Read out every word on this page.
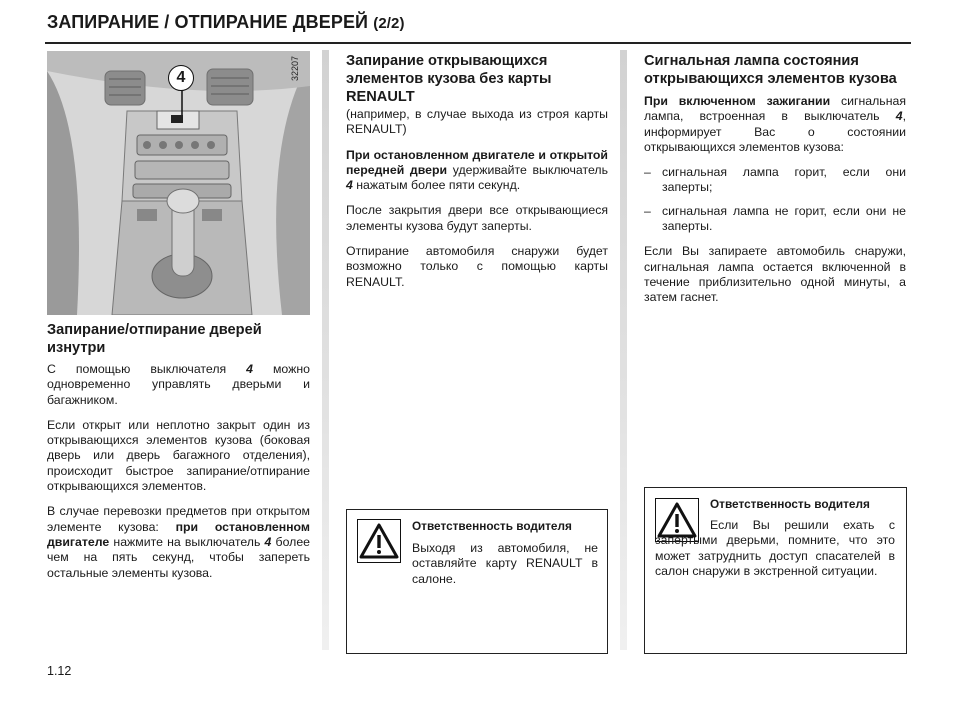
ЗАПИРАНИЕ / ОТПИРАНИЕ ДВЕРЕЙ (2/2)
4	32207
Запирание/отпирание дверей изнутри

С помощью выключателя 4 можно одновременно управлять дверьми и багажником.

Если открыт или неплотно закрыт один из открывающихся элементов кузова (боковая дверь или дверь багажного отделения), происходит быстрое запирание/отпирание открывающихся элементов.

В случае перевозки предметов при открытом элементе кузова: при остановленном двигателе нажмите на выключатель 4 более чем на пять секунд, чтобы запереть остальные элементы кузова.

Запирание открывающихся элементов кузова без карты RENAULT

(например, в случае выхода из строя карты RENAULT)

При остановленном двигателе и открытой передней двери удерживайте выключатель 4 нажатым более пяти секунд.

После закрытия двери все открывающиеся элементы кузова будут заперты.

Отпирание автомобиля снаружи будет возможно только с помощью карты RENAULT.

Ответственность водителя
Выходя из автомобиля, не оставляйте карту RENAULT в салоне.
Сигнальная лампа состояния открывающихся элементов кузова

При включенном зажигании сигнальная лампа, встроенная в выключатель 4, информирует Вас о состоянии открывающихся элементов кузова:

– сигнальная лампа горит, если они заперты;
– сигнальная лампа не горит, если они не заперты.

Если Вы запираете автомобиль снаружи, сигнальная лампа остается включенной в течение приблизительно одной минуты, а затем гаснет.

Ответственность водителя
Если Вы решили ехать с запертыми дверьми, помните, что это может затруднить доступ спасателей в салон снаружи в экстренной ситуации.
1.12
